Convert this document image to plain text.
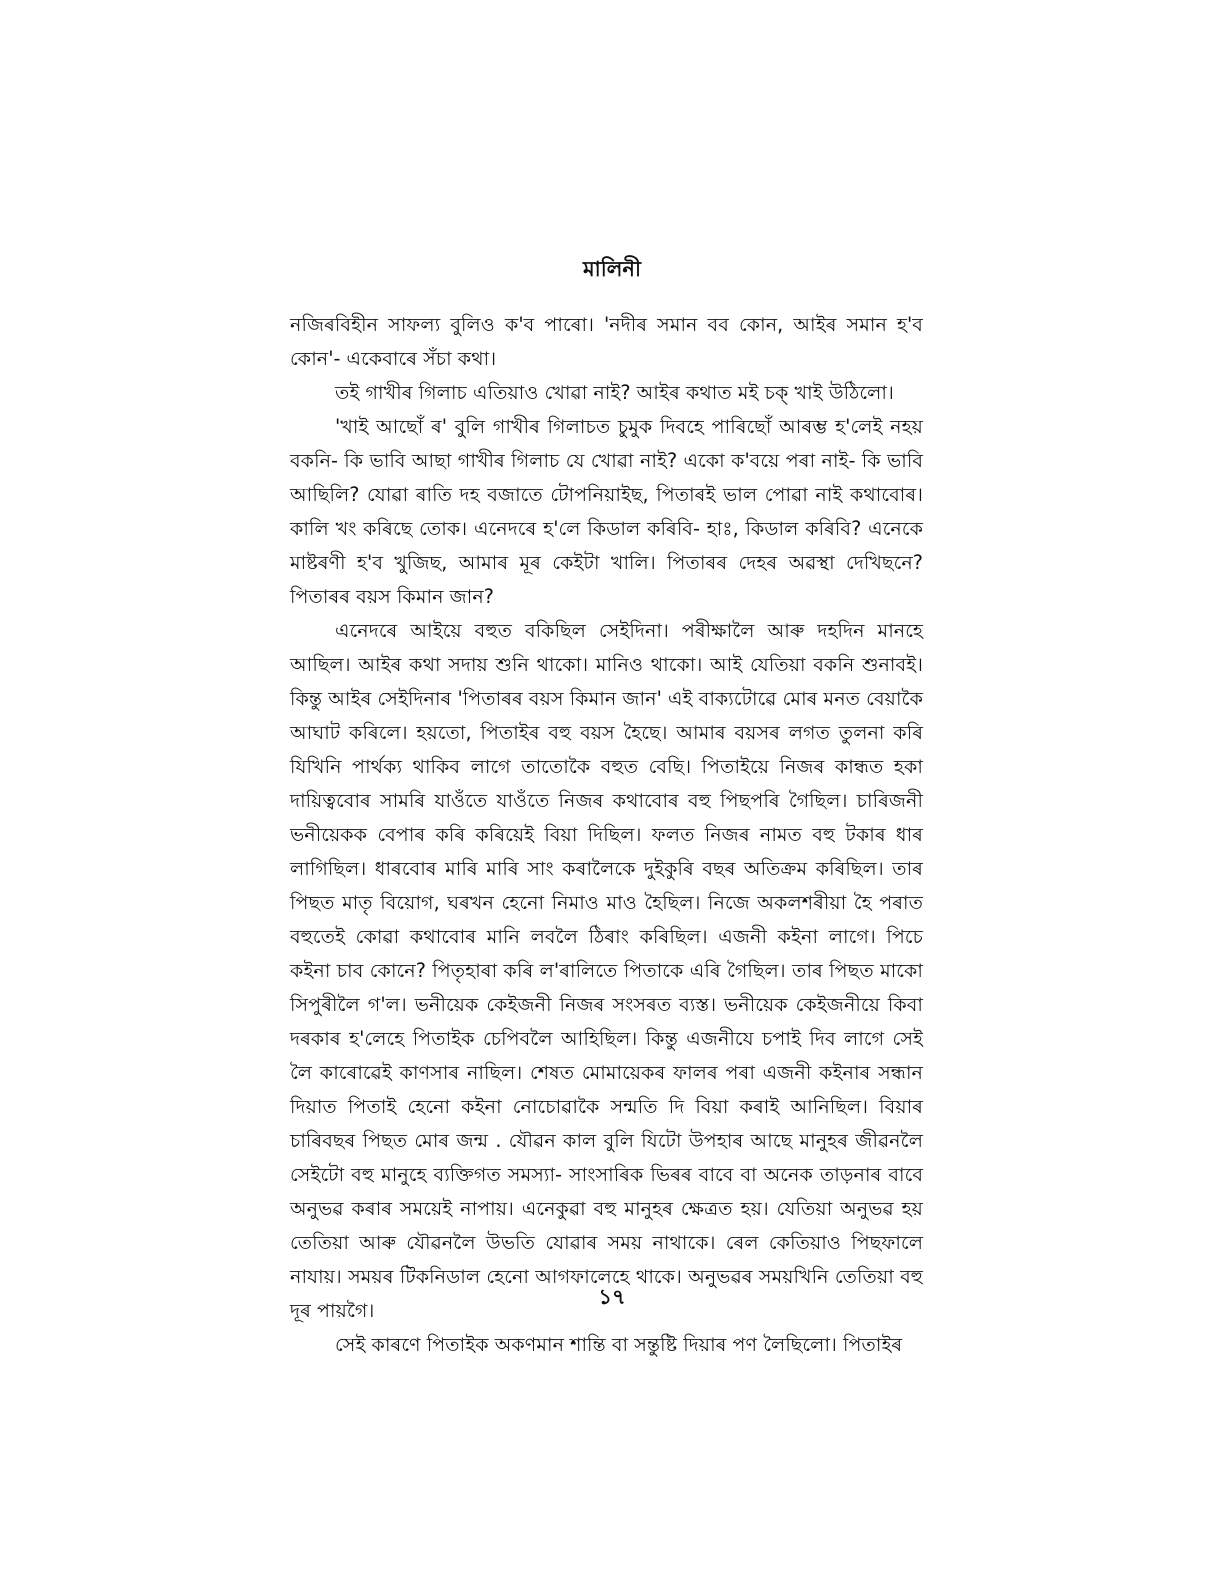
মালিনী

নজিৰবিহীন সাফল্য বুলিও ক'ব পাৰো। 'নদীৰ সমান বব কোন, আইৰ সমান হ'ব কোন'- একেবাৰে সঁচা কথা।

তই গাখীৰ গিলাচ এতিয়াও খোৱা নাই? আইৰ কথাত মই চক্ খাই উঠিলো।

'খাই আছোঁ ৰ' বুলি গাখীৰ গিলাচত চুমুক দিবহে পাৰিছোঁ আৰম্ভ হ'লেই নহয় বকনি- কি ভাবি আছা গাখীৰ গিলাচ যে খোৱা নাই? একো ক'বয়ে পৰা নাই- কি ভাবি আছিলি? যোৱা ৰাতি দহ বজাতে টোপনিয়াইছ, পিতাৰই ভাল পোৱা নাই কথাবোৰ। কালি খং কৰিছে তোক। এনেদৰে হ'লে কিডাল কৰিবি- হাঃ, কিডাল কৰিবি? এনেকে মাষ্টৰণী হ'ব খুজিছ, আমাৰ মূৰ কেইটা খালি। পিতাৰৰ দেহৰ অৱস্থা দেখিছনে? পিতাৰৰ বয়স কিমান জান?

এনেদৰে আইয়ে বহুত বকিছিল সেইদিনা। পৰীক্ষালৈ আৰু দহদিন মানহে আছিল। আইৰ কথা সদায় শুনি থাকো। মানিও থাকো। আই যেতিয়া বকনি শুনাবই। কিন্তু আইৰ সেইদিনাৰ 'পিতাৰৰ বয়স কিমান জান' এই বাক্যটোৱে মোৰ মনত বেয়াকৈ আঘাট কৰিলে। হয়তো, পিতাইৰ বহু বয়স হৈছে। আমাৰ বয়সৰ লগত তুলনা কৰি যিখিনি পাৰ্থক্য থাকিব লাগে তাতোকৈ বহুত বেছি। পিতাইয়ে নিজৰ কান্ধত হকা দায়িত্ববোৰ সামৰি যাওঁতে যাওঁতে নিজৰ কথাবোৰ বহু পিছপৰি গৈছিল। চাৰিজনী ভনীয়েকক বেপাৰ কৰি কৰিয়েই বিয়া দিছিল। ফলত নিজৰ নামত বহু টকাৰ ধাৰ লাগিছিল। ধাৰবোৰ মাৰি মাৰি সাং কৰালৈকে দুইকুৰি বছৰ অতিক্ৰম কৰিছিল। তাৰ পিছত মাতৃ বিয়োগ, ঘৰখন হেনো নিমাও মাও হৈছিল। নিজে অকলশৰীয়া হৈ পৰাত বহুতেই কোৱা কথাবোৰ মানি লবলৈ ঠিৰাং কৰিছিল। এজনী কইনা লাগে। পিচে কইনা চাব কোনে? পিতৃহাৰা কৰি ল'ৰালিতে পিতাকে এৰি গৈছিল। তাৰ পিছত মাকো সিপুৰীলৈ গ'ল। ভনীয়েক কেইজনী নিজৰ সংসৰত ব্যস্ত। ভনীয়েক কেইজনীয়ে কিবা দৰকাৰ হ'লেহে পিতাইক চেপিবলৈ আহিছিল। কিন্তু এজনীযে চপাই দিব লাগে সেই লৈ কাৰোৱেই কাণসাৰ নাছিল। শেষত মোমায়েকৰ ফালৰ পৰা এজনী কইনাৰ সন্ধান দিয়াত পিতাই হেনো কইনা নোচোৱাকৈ সন্মতি দি বিয়া কৰাই আনিছিল। বিয়াৰ চাৰিবছৰ পিছত মোৰ জন্ম . যৌৱন কাল বুলি যিটো উপহাৰ আছে মানুহৰ জীৱনলৈ সেইটো বহু মানুহে ব্যক্তিগত সমস্যা- সাংসাৰিক ভিৰৰ বাবে বা অনেক তাড়নাৰ বাবে অনুভৱ কৰাৰ সময়েই নাপায়। এনেকুৱা বহু মানুহৰ ক্ষেত্ৰত হয়। যেতিয়া অনুভৱ হয় তেতিয়া আৰু যৌৱনলৈ উভতি যোৱাৰ সময় নাথাকে। ৰেল কেতিয়াও পিছফালে নাযায়। সময়ৰ টিকনিডাল হেনো আগফালেহে থাকে। অনুভৱৰ সময়খিনি তেতিয়া বহু দূৰ পায়গৈ।

সেই কাৰণে পিতাইক অকণমান শান্তি বা সন্তুষ্টি দিয়াৰ পণ লৈছিলো। পিতাইৰ

১৭
